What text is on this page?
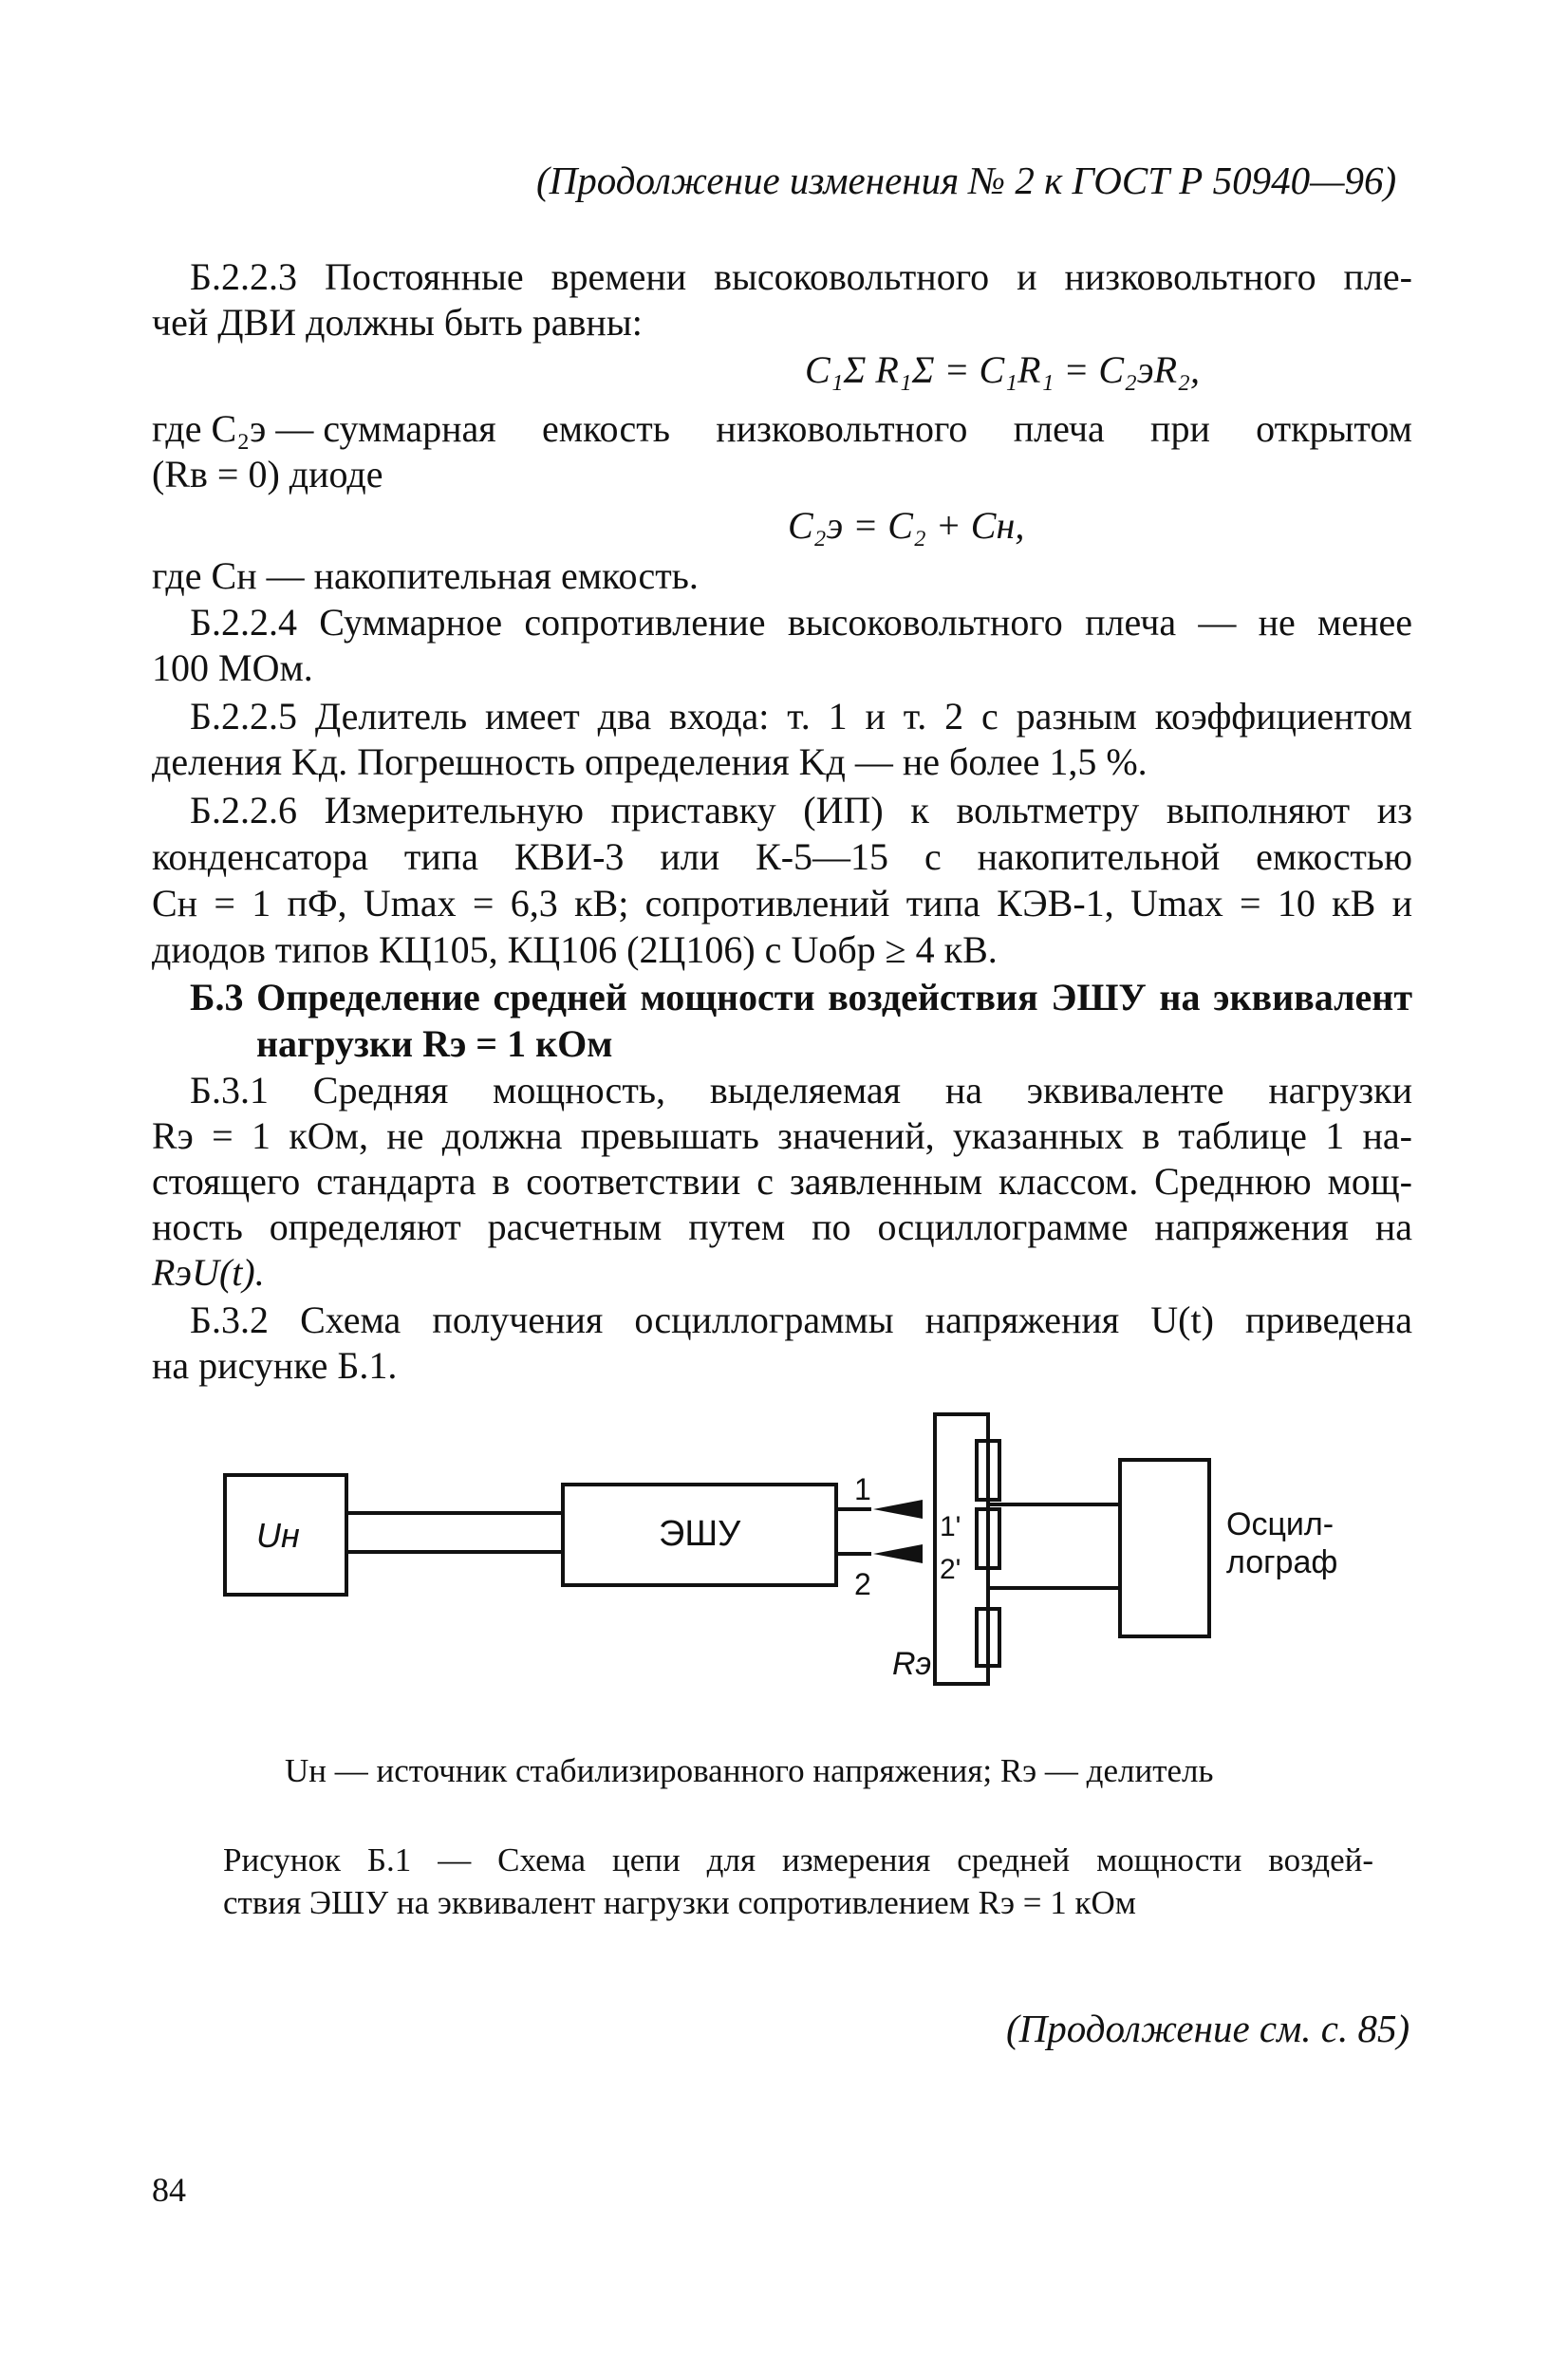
(Продолжение изменения № 2 к ГОСТ Р 50940—96)
Б.2.2.3 Постоянные времени высоковольтного и низковольтного пле-
чей ДВИ должны быть равны:
C₁Σ R₁Σ = C₁R₁ = C₂эR₂,
где C₂э — суммарная емкость низковольтного плеча при открытом
(Rв = 0) диоде
C₂э = C₂ + Cн,
где Cн — накопительная емкость.
Б.2.2.4 Суммарное сопротивление высоковольтного плеча — не менее
100 МОм.
Б.2.2.5 Делитель имеет два входа: т. 1 и т. 2 с разным коэффициентом
деления Kд. Погрешность определения Kд — не более 1,5 %.
Б.2.2.6 Измерительную приставку (ИП) к вольтметру выполняют из
конденсатора типа КВИ-3 или К-5—15 с накопительной емкостью
Cн = 1 пФ, Umax = 6,3 кВ; сопротивлений типа КЭВ-1, Umax = 10 кВ и
диодов типов КЦ105, КЦ106 (2Ц106) с Uобр ≥ 4 кВ.
Б.3 Определение средней мощности воздействия ЭШУ на эквивалент
нагрузки Rэ = 1 кОм
Б.3.1 Средняя мощность, выделяемая на эквиваленте нагрузки
Rэ = 1 кОм, не должна превышать значений, указанных в таблице 1 на-
стоящего стандарта в соответствии с заявленным классом. Среднюю мощ-
ность определяют расчетным путем по осциллограмме напряжения на
RэU(t).
Б.3.2 Схема получения осциллограммы напряжения U(t) приведена
на рисунке Б.1.
Uн	ЭШУ
1
2
1'
2'
Rэ
Осцил-
лограф
Uн — источник стабилизированного напряжения; Rэ — делитель
Рисунок Б.1 — Схема цепи для измерения средней мощности воздей-
ствия ЭШУ на эквивалент нагрузки сопротивлением Rэ = 1 кОм
(Продолжение см. с. 85)
84
